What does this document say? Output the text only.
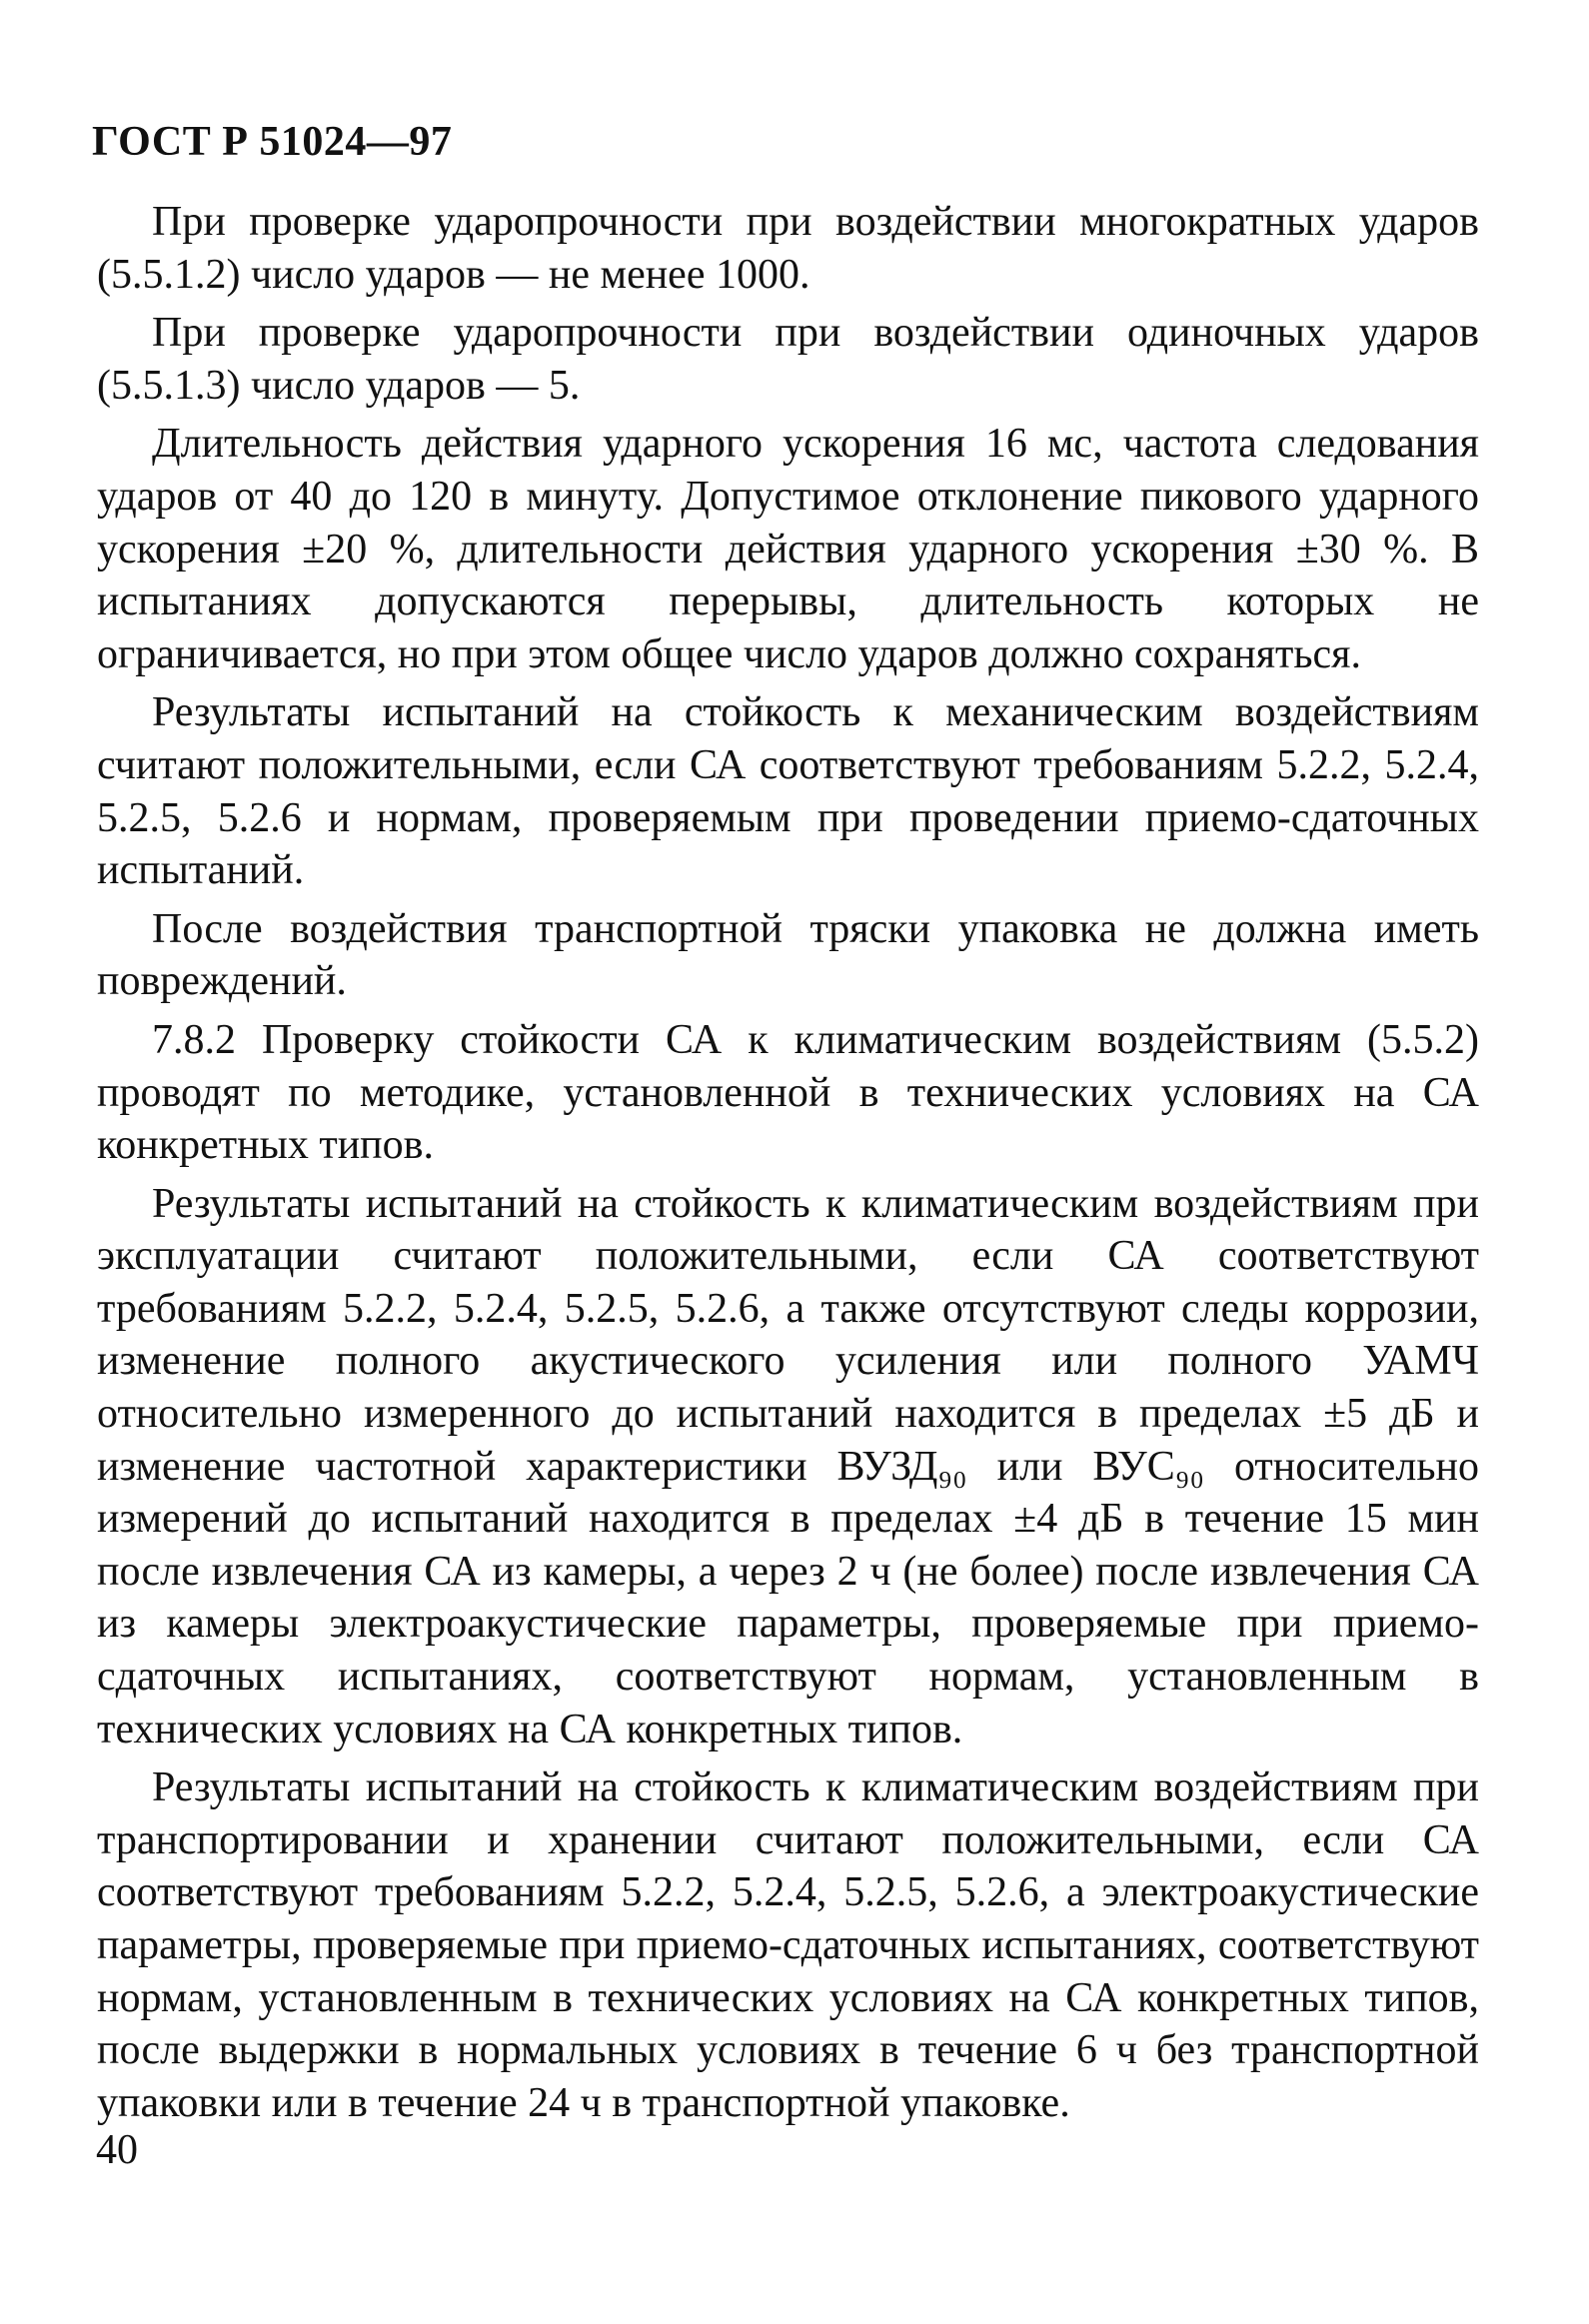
ГОСТ Р 51024—97

При проверке ударопрочности при воздействии многократных ударов (5.5.1.2) число ударов — не менее 1000.

При проверке ударопрочности при воздействии одиночных ударов (5.5.1.3) число ударов — 5.

Длительность действия ударного ускорения 16 мс, частота следования ударов от 40 до 120 в минуту. Допустимое отклонение пикового ударного ускорения ±20 %, длительности действия ударного ускорения ±30 %. В испытаниях допускаются перерывы, длительность которых не ограничивается, но при этом общее число ударов должно сохраняться.

Результаты испытаний на стойкость к механическим воздействиям считают положительными, если СА соответствуют требованиям 5.2.2, 5.2.4, 5.2.5, 5.2.6 и нормам, проверяемым при проведении приемо-сдаточных испытаний.

После воздействия транспортной тряски упаковка не должна иметь повреждений.

7.8.2 Проверку стойкости СА к климатическим воздействиям (5.5.2) проводят по методике, установленной в технических условиях на СА конкретных типов.

Результаты испытаний на стойкость к климатическим воздействиям при эксплуатации считают положительными, если СА соответствуют требованиям 5.2.2, 5.2.4, 5.2.5, 5.2.6, а также отсутствуют следы коррозии, изменение полного акустического усиления или полного УАМЧ относительно измеренного до испытаний находится в пределах ±5 дБ и изменение частотной характеристики ВУЗД₉₀ или ВУС₉₀ относительно измерений до испытаний находится в пределах ±4 дБ в течение 15 мин после извлечения СА из камеры, а через 2 ч (не более) после извлечения СА из камеры электроакустические параметры, проверяемые при приемо-сдаточных испытаниях, соответствуют нормам, установленным в технических условиях на СА конкретных типов.

Результаты испытаний на стойкость к климатическим воздействиям при транспортировании и хранении считают положительными, если СА соответствуют требованиям 5.2.2, 5.2.4, 5.2.5, 5.2.6, а электроакустические параметры, проверяемые при приемо-сдаточных испытаниях, соответствуют нормам, установленным в технических условиях на СА конкретных типов, после выдержки в нормальных условиях в течение 6 ч без транспортной упаковки или в течение 24 ч в транспортной упаковке.

40
